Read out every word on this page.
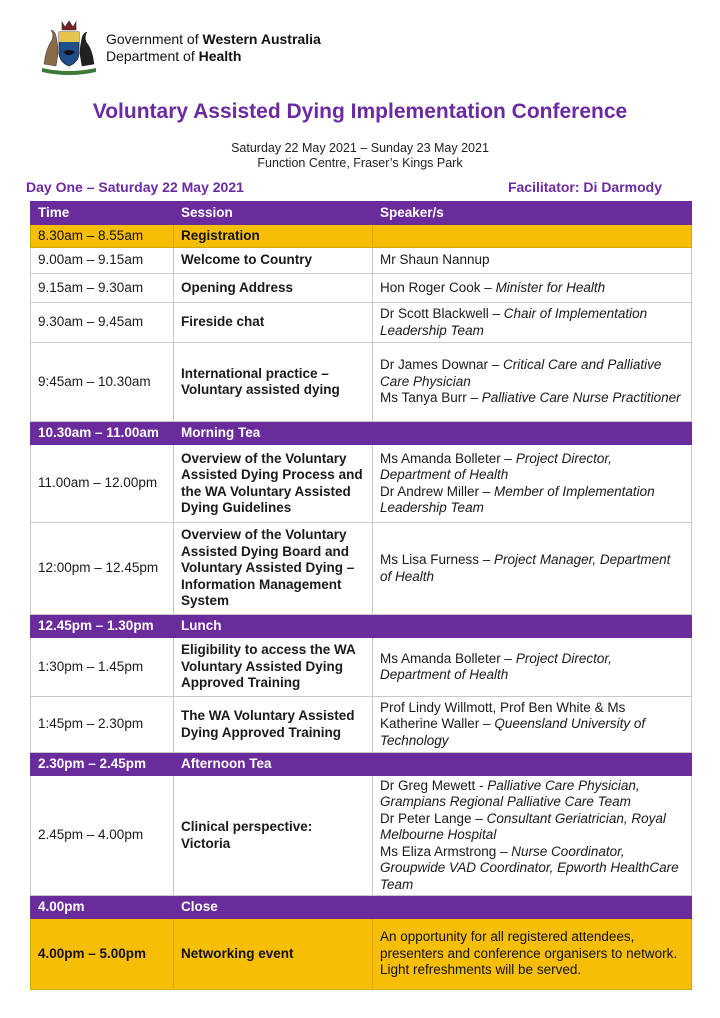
Government of Western Australia
Department of Health
Voluntary Assisted Dying Implementation Conference
Saturday 22 May 2021 – Sunday 23 May 2021
Function Centre, Fraser’s Kings Park
Day One – Saturday 22 May 2021	Facilitator: Di Darmody
Time	Session	Speaker/s
8.30am – 8.55am	Registration	
9.00am – 9.15am	Welcome to Country	Mr Shaun Nannup
9.15am – 9.30am	Opening Address	Hon Roger Cook – Minister for Health
9.30am – 9.45am	Fireside chat	Dr Scott Blackwell – Chair of Implementation Leadership Team
9:45am – 10.30am	International practice – Voluntary assisted dying	Dr James Downar – Critical Care and Palliative Care Physician
Ms Tanya Burr – Palliative Care Nurse Practitioner

10.30am – 11.00am	Morning Tea	
11.00am – 12.00pm	Overview of the Voluntary Assisted Dying Process and the WA Voluntary Assisted Dying Guidelines	Ms Amanda Bolleter – Project Director, Department of Health
Dr Andrew Miller – Member of Implementation Leadership Team

12:00pm – 12.45pm	Overview of the Voluntary Assisted Dying Board and Voluntary Assisted Dying – Information Management System	Ms Lisa Furness – Project Manager, Department of Health
12.45pm – 1.30pm	Lunch	
1:30pm – 1.45pm	Eligibility to access the WA Voluntary Assisted Dying Approved Training	Ms Amanda Bolleter – Project Director, Department of Health
1:45pm – 2.30pm	The WA Voluntary Assisted Dying Approved Training	Prof Lindy Willmott, Prof Ben White & Ms Katherine Waller – Queensland University of Technology
2.30pm – 2.45pm	Afternoon Tea	
2.45pm – 4.00pm	Clinical perspective: Victoria	Dr Greg Mewett - Palliative Care Physician, Grampians Regional Palliative Care Team
Dr Peter Lange – Consultant Geriatrician, Royal Melbourne Hospital
Ms Eliza Armstrong – Nurse Coordinator, Groupwide VAD Coordinator, Epworth HealthCare Team

4.00pm	Close	
4.00pm – 5.00pm	Networking event	An opportunity for all registered attendees, presenters and conference organisers to network.
Light refreshments will be served.
